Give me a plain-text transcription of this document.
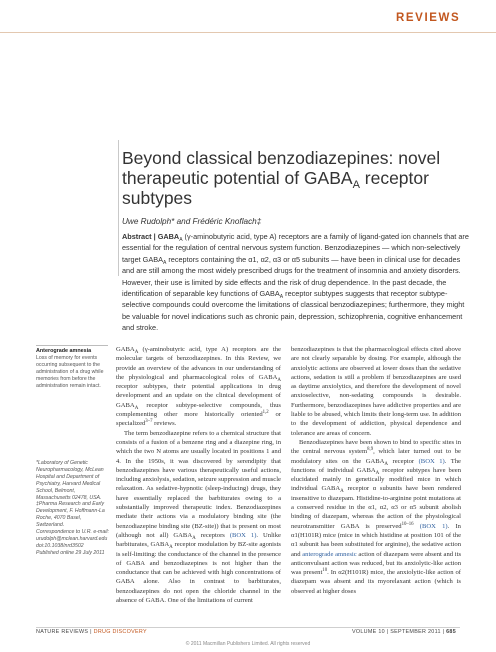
REVIEWS
Beyond classical benzodiazepines: novel therapeutic potential of $GABA_A$ receptor subtypes
Uwe Rudolph* and Frédéric Knoflach‡

Abstract | $GABA_A$ (γ-aminobutyric acid, type A) receptors are a family of ligand-gated ion channels that are essential for the regulation of central nervous system function. Benzodiazepines — which non-selectively target $GABA_A$ receptors containing the α1, α2, α3 or α5 subunits — have been in clinical use for decades and are still among the most widely prescribed drugs for the treatment of insomnia and anxiety disorders. However, their use is limited by side effects and the risk of drug dependence. In the past decade, the identification of separable key functions of $GABA_A$ receptor subtypes suggests that receptor subtype-selective compounds could overcome the limitations of classical benzodiazepines; furthermore, they might be valuable for novel indications such as chronic pain, depression, schizophrenia, cognitive enhancement and stroke.

Anterograde amnesia
Loss of memory for events occurring subsequent to the administration of a drug while memories from before the administration remain intact.
*Laboratory of Genetic Neuropharmacology, McLean Hospital and Department of Psychiatry, Harvard Medical School, Belmont, Massachusetts 02478, USA.
‡Pharma Research and Early Development, F. Hoffmann-La Roche, 4070 Basel, Switzerland.
Correspondence to U.R. e-mail: urudolph@mclean.harvard.edu
doi:10.1038/nrd3502
Published online 29 July 2011

$GABA_A$ (γ-aminobutyric acid, type A) receptors are the molecular targets of benzodiazepines. In this Review, we provide an overview of the advances in our understanding of the physiological and pharmacological roles of $GABA_A$ receptor subtypes, their potential applications in drug development and an update on the clinical development of $GABA_A$ receptor subtype-selective compounds, thus complementing other more historically oriented$^{1,2}$ or specialized$^{3-7}$ reviews.

The term benzodiazepine refers to a chemical structure that consists of a fusion of a benzene ring and a diazepine ring, in which the two N atoms are usually located in positions 1 and 4. In the 1950s, it was discovered by serendipity that benzodiazepines have various therapeutically useful actions, including anxiolysis, sedation, seizure suppression and muscle relaxation. As sedative-hypnotic (sleep-inducing) drugs, they have essentially replaced the barbiturates owing to a substantially improved therapeutic index. Benzodiazepines mediate their actions via a modulatory binding site (the benzodiazepine binding site (BZ-site)) that is present on most (although not all) $GABA_A$ receptors (BOX 1). Unlike barbiturates, $GABA_A$ receptor modulation by BZ-site agonists is self-limiting: the conductance of the channel in the presence of GABA and benzodiazepines is not higher than the conductance that can be achieved with high concentrations of GABA alone. Also in contrast to barbiturates, benzodiazepines do not open the chloride channel in the absence of GABA. One of the limitations of current

benzodiazepines is that the pharmacological effects cited above are not clearly separable by dosing. For example, although the anxiolytic actions are observed at lower doses than the sedative actions, sedation is still a problem if benzodiazepines are used as daytime anxiolytics, and therefore the development of novel anxioselective, non-sedating compounds is desirable. Furthermore, benzodiazepines have addictive properties and are liable to be abused, which limits their long-term use. In addition to the development of addiction, physical dependence and tolerance are areas of concern.

Benzodiazepines have been shown to bind to specific sites in the central nervous system$^{8,9}$, which later turned out to be modulatory sites on the $GABA_A$ receptor (BOX 1). The functions of individual $GABA_A$ receptor subtypes have been elucidated mainly in genetically modified mice in which individual $GABA_A$ receptor α subunits have been rendered insensitive to diazepam. Histidine-to-arginine point mutations at a conserved residue in the α1, α2, α3 or α5 subunit abolish binding of diazepam, whereas the action of the physiological neurotransmitter GABA is preserved$^{10-16}$ (BOX 1). In α1(H101R) mice (mice in which histidine at position 101 of the α1 subunit has been substituted for arginine), the sedative action and anterograde amnesic action of diazepam were absent and its anticonvulsant action was reduced, but its anxiolytic-like action was present$^{10}$. In α2(H101R) mice, the anxiolytic-like action of diazepam was absent and its myorelaxant action (which is observed at higher doses

NATURE REVIEWS | DRUG DISCOVERY	VOLUME 10 | SEPTEMBER 2011 | 685
© 2011 Macmillan Publishers Limited. All rights reserved
